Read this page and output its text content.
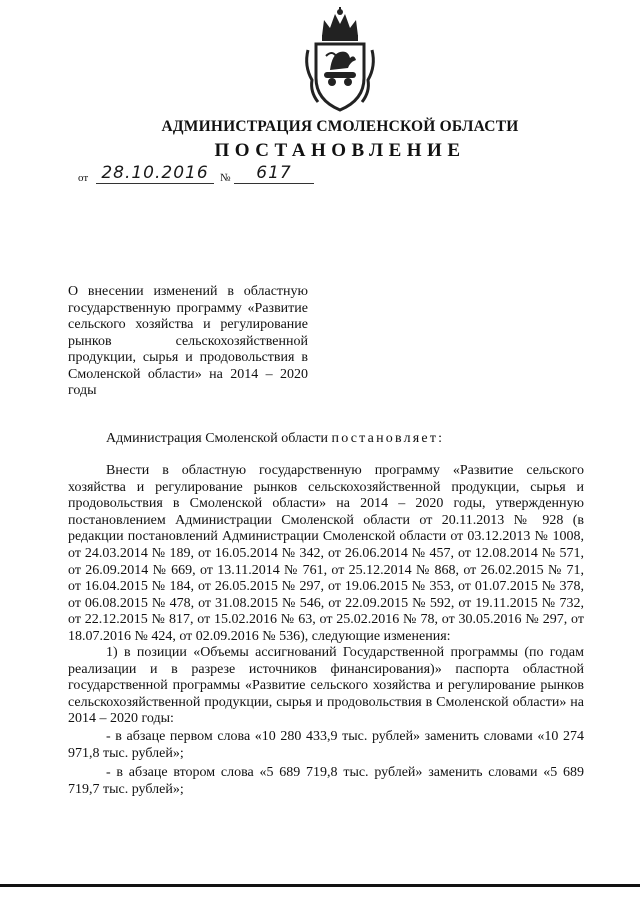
АДМИНИСТРАЦИЯ СМОЛЕНСКОЙ ОБЛАСТИ
ПОСТАНОВЛЕНИЕ
от 28.10.2016	№	617
О внесении изменений в областную государственную программу «Развитие сельского хозяйства и регулирование рынков сельскохозяйственной продукции, сырья и продовольствия в Смоленской области» на 2014 – 2020 годы
Администрация Смоленской области постановляет:
Внести в областную государственную программу «Развитие сельского хозяйства и регулирование рынков сельскохозяйственной продукции, сырья и продовольствия в Смоленской области» на 2014 – 2020 годы, утвержденную постановлением Администрации Смоленской области от 20.11.2013 № 928 (в редакции постановлений Администрации Смоленской области от 03.12.2013 № 1008, от 24.03.2014 № 189, от 16.05.2014 № 342, от 26.06.2014 № 457, от 12.08.2014 № 571, от 26.09.2014 № 669, от 13.11.2014 № 761, от 25.12.2014 № 868, от 26.02.2015 № 71, от 16.04.2015 № 184, от 26.05.2015 № 297, от 19.06.2015 № 353, от 01.07.2015 № 378, от 06.08.2015 № 478, от 31.08.2015 № 546, от 22.09.2015 № 592, от 19.11.2015 № 732, от 22.12.2015 № 817, от 15.02.2016 № 63, от 25.02.2016 № 78, от 30.05.2016 № 297, от 18.07.2016 № 424, от 02.09.2016 № 536), следующие изменения:
1) в позиции «Объемы ассигнований Государственной программы (по годам реализации и в разрезе источников финансирования)» паспорта областной государственной программы «Развитие сельского хозяйства и регулирование рынков сельскохозяйственной продукции, сырья и продовольствия в Смоленской области» на 2014 – 2020 годы:
- в абзаце первом слова «10 280 433,9 тыс. рублей» заменить словами «10 274 971,8 тыс. рублей»;
- в абзаце втором слова «5 689 719,8 тыс. рублей» заменить словами «5 689 719,7 тыс. рублей»;
